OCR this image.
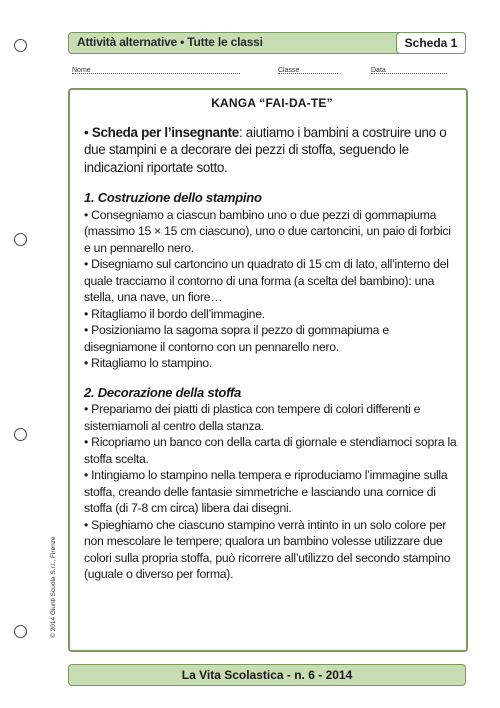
Attività alternative • Tutte le classi	Scheda 1
Nome	Classe	Data

KANGA “FAI-DA-TE”

• Scheda per l’insegnante: aiutiamo i bambini a costruire uno o due stampini e a decorare dei pezzi di stoffa, seguendo le indicazioni riportate sotto.

1. Costruzione dello stampino

• Consegniamo a ciascun bambino uno o due pezzi di gommapiuma (massimo 15 × 15 cm ciascuno), uno o due cartoncini, un paio di forbici e un pennarello nero.

• Disegniamo sul cartoncino un quadrato di 15 cm di lato, all’interno del quale tracciamo il contorno di una forma (a scelta del bambino): una stella, una nave, un fiore…

• Ritagliamo il bordo dell’immagine.

• Posizioniamo la sagoma sopra il pezzo di gommapiuma e disegniamone il contorno con un pennarello nero.

• Ritagliamo lo stampino.

2. Decorazione della stoffa

• Prepariamo dei piatti di plastica con tempere di colori differenti e sistemiamoli al centro della stanza.

• Ricopriamo un banco con della carta di giornale e stendiamoci sopra la stoffa scelta.

• Intingiamo lo stampino nella tempera e riproduciamo l’immagine sulla stoffa, creando delle fantasie simmetriche e lasciando una cornice di stoffa (di 7-8 cm circa) libera dai disegni.

• Spieghiamo che ciascuno stampino verrà intinto in un solo colore per non mescolare le tempere; qualora un bambino volesse utilizzare due colori sulla propria stoffa, può ricorrere all’utilizzo del secondo stampino (uguale o diverso per forma).

© 2014 Giunti Scuola S.r.l., Firenze
La Vita Scolastica - n. 6 - 2014
